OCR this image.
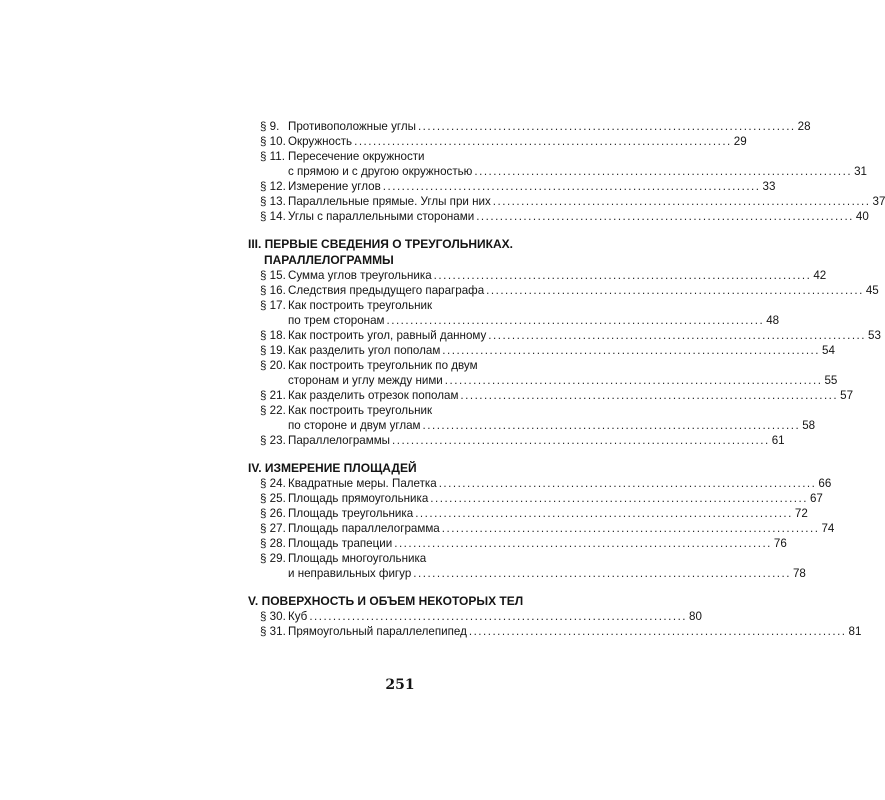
§ 9. Противоположные углы ................................................................................ 28
§ 10. Окружность ................................................................................ 29
§ 11. Пересечение окружности
с прямою и с другою окружностью ................................................................................ 31
§ 12. Измерение углов ................................................................................ 33
§ 13. Параллельные прямые. Углы при них ................................................................................ 37
§ 14. Углы с параллельными сторонами ................................................................................ 40
III. ПЕРВЫЕ СВЕДЕНИЯ О ТРЕУГОЛЬНИКАХ.
ПАРАЛЛЕЛОГРАММЫ
§ 15. Сумма углов треугольника ................................................................................ 42
§ 16. Следствия предыдущего параграфа ................................................................................ 45
§ 17. Как построить треугольник
по трем сторонам ................................................................................ 48
§ 18. Как построить угол, равный данному ................................................................................ 53
§ 19. Как разделить угол пополам ................................................................................ 54
§ 20. Как построить треугольник по двум
сторонам и углу между ними ................................................................................ 55
§ 21. Как разделить отрезок пополам ................................................................................ 57
§ 22. Как построить треугольник
по стороне и двум углам ................................................................................ 58
§ 23. Параллелограммы ................................................................................ 61
IV. ИЗМЕРЕНИЕ ПЛОЩАДЕЙ
§ 24. Квадратные меры. Палетка ................................................................................ 66
§ 25. Площадь прямоугольника ................................................................................ 67
§ 26. Площадь треугольника ................................................................................ 72
§ 27. Площадь параллелограмма ................................................................................ 74
§ 28. Площадь трапеции ................................................................................ 76
§ 29. Площадь многоугольника
и неправильных фигур ................................................................................ 78
V. ПОВЕРХНОСТЬ И ОБЪЕМ НЕКОТОРЫХ ТЕЛ
§ 30. Куб ................................................................................ 80
§ 31. Прямоугольный параллелепипед ................................................................................ 81
251
